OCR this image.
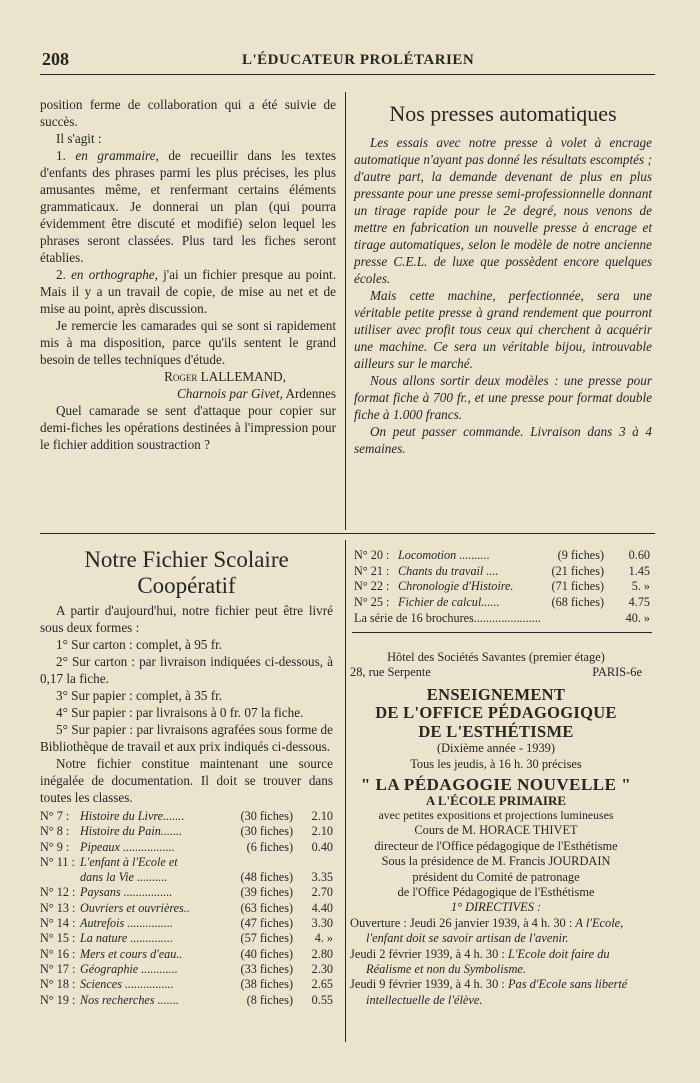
208	L'ÉDUCATEUR PROLÉTARIEN

position ferme de collaboration qui a été suivie de succès.

Il s'agit :

1. en grammaire, de recueillir dans les textes d'enfants des phrases parmi les plus précises, les plus amusantes même, et renfermant certains éléments grammaticaux. Je donnerai un plan (qui pourra évidemment être discuté et modifié) selon lequel les phrases seront classées. Plus tard les fiches seront établies.

2. en orthographe, j'ai un fichier presque au point. Mais il y a un travail de copie, de mise au net et de mise au point, après discussion.

Je remercie les camarades qui se sont si rapidement mis à ma disposition, parce qu'ils sentent le grand besoin de telles techniques d'étude.

Roger LALLEMAND,

Charnois par Givet, Ardennes

Quel camarade se sent d'attaque pour copier sur demi-fiches les opérations destinées à l'impression pour le fichier addition soustraction ?

Nos presses automatiques

Les essais avec notre presse à volet à encrage automatique n'ayant pas donné les résultats escomptés ; d'autre part, la demande devenant de plus en plus pressante pour une presse semi-professionnelle donnant un tirage rapide pour le 2e degré, nous venons de mettre en fabrication un nouvelle presse à encrage et tirage automatiques, selon le modèle de notre ancienne presse C.E.L. de luxe que possèdent encore quelques écoles.

Mais cette machine, perfectionnée, sera une véritable petite presse à grand rendement que pourront utiliser avec profit tous ceux qui cherchent à acquérir une machine. Ce sera un véritable bijou, introuvable ailleurs sur le marché.

Nous allons sortir deux modèles : une presse pour format fiche à 700 fr., et une presse pour format double fiche à 1.000 francs.

On peut passer commande. Livraison dans 3 à 4 semaines.

Notre Fichier Scolaire
Coopératif

A partir d'aujourd'hui, notre fichier peut être livré sous deux formes :

1° Sur carton : complet, à 95 fr.

2° Sur carton : par livraison indiquées ci-dessous, à 0,17 la fiche.

3° Sur papier : complet, à 35 fr.

4° Sur papier : par livraisons à 0 fr. 07 la fiche.

5° Sur papier : par livraisons agrafées sous forme de Bibliothèque de travail et aux prix indiqués ci-dessous.

Notre fichier constitue maintenant une source inégalée de documentation. Il doit se trouver dans toutes les classes.

N° 7 :	Histoire du Livre.......	(30 fiches)	2.10
N° 8 :	Histoire du Pain.......	(30 fiches)	2.10
N° 9 :	Pipeaux .................	(6 fiches)	0.40
N° 11 :	L'enfant à l'Ecole et		
	dans la Vie ..........	(48 fiches)	3.35
N° 12 :	Paysans ................	(39 fiches)	2.70
N° 13 :	Ouvriers et ouvrières..	(63 fiches)	4.40
N° 14 :	Autrefois ...............	(47 fiches)	3.30
N° 15 :	La nature ..............	(57 fiches)	4. »
N° 16 :	Mers et cours d'eau..	(40 fiches)	2.80
N° 17 :	Géographie ............	(33 fiches)	2.30
N° 18 :	Sciences ................	(38 fiches)	2.65
N° 19 :	Nos recherches .......	(8 fiches)	0.55
N° 20 :	Locomotion ..........	(9 fiches)	0.60
N° 21 :	Chants du travail ....	(21 fiches)	1.45
N° 22 :	Chronologie d'Histoire.	(71 fiches)	5. »
N° 25 :	Fichier de calcul......	(68 fiches)	4.75
La série de 16 brochures......................	40. »

Hôtel des Sociétés Savantes (premier étage)

28, rue Serpente	PARIS-6e

ENSEIGNEMENT

DE L'OFFICE PÉDAGOGIQUE

DE L'ESTHÉTISME

(Dixième année - 1939)

Tous les jeudis, à 16 h. 30 précises

" LA PÉDAGOGIE NOUVELLE "

A L'ÉCOLE PRIMAIRE

avec petites expositions et projections lumineuses

Cours de M. HORACE THIVET

directeur de l'Office pédagogique de l'Esthétisme

Sous la présidence de M. Francis JOURDAIN

président du Comité de patronage

de l'Office Pédagogique de l'Esthétisme

1° DIRECTIVES :

Ouverture : Jeudi 26 janvier 1939, à 4 h. 30 : A l'Ecole, l'enfant doit se savoir artisan de l'avenir.

Jeudi 2 février 1939, à 4 h. 30 : L'Ecole doit faire du Réalisme et non du Symbolisme.

Jeudi 9 février 1939, à 4 h. 30 : Pas d'Ecole sans liberté intellectuelle de l'élève.
